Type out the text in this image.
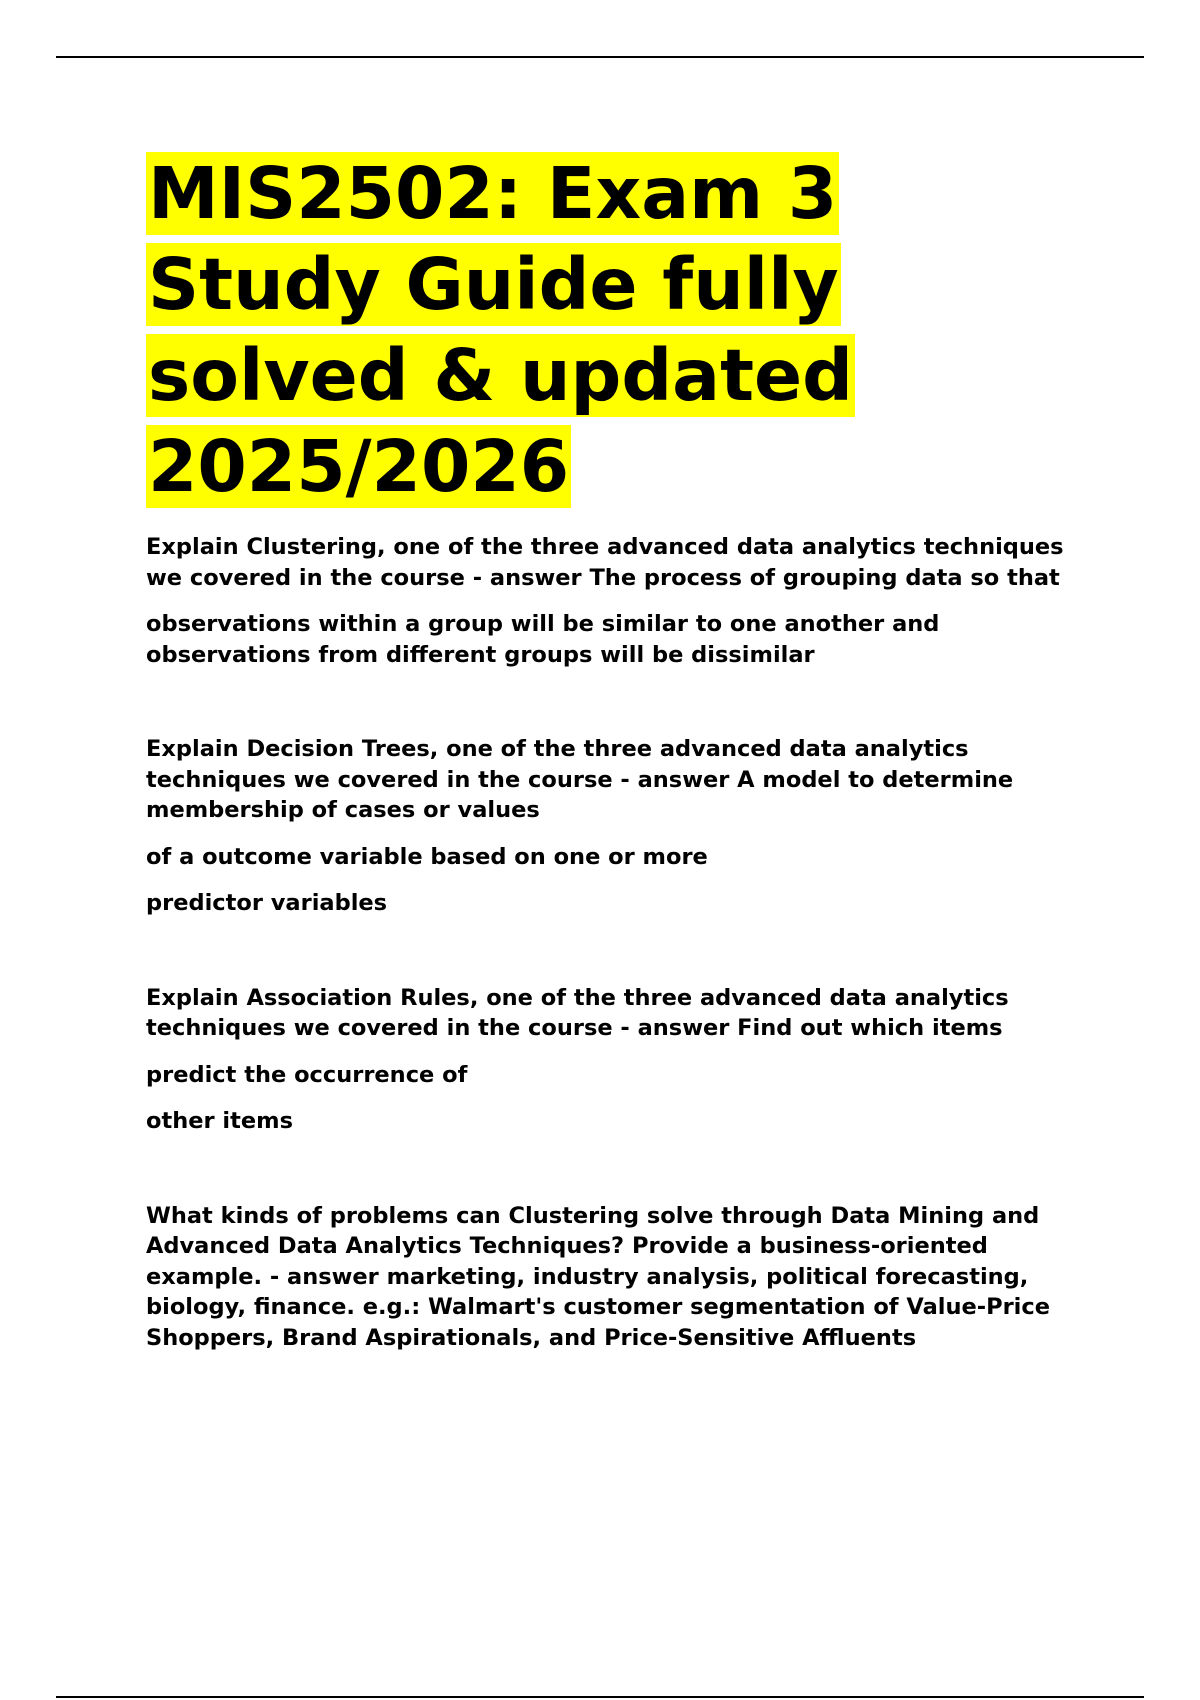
MIS2502: Exam 3 Study Guide fully solved & updated 2025/2026

Explain Clustering, one of the three advanced data analytics techniques we covered in the course - answer The process of grouping data so that

observations within a group will be similar to one another and observations from different groups will be dissimilar

Explain Decision Trees, one of the three advanced data analytics techniques we covered in the course - answer A model to determine membership of cases or values

of a outcome variable based on one or more

predictor variables

Explain Association Rules, one of the three advanced data analytics techniques we covered in the course - answer Find out which items

predict the occurrence of

other items

What kinds of problems can Clustering solve through Data Mining and Advanced Data Analytics Techniques? Provide a business-oriented example. - answer marketing, industry analysis, political forecasting, biology, finance. e.g.: Walmart's customer segmentation of Value-Price Shoppers, Brand Aspirationals, and Price-Sensitive Affluents
